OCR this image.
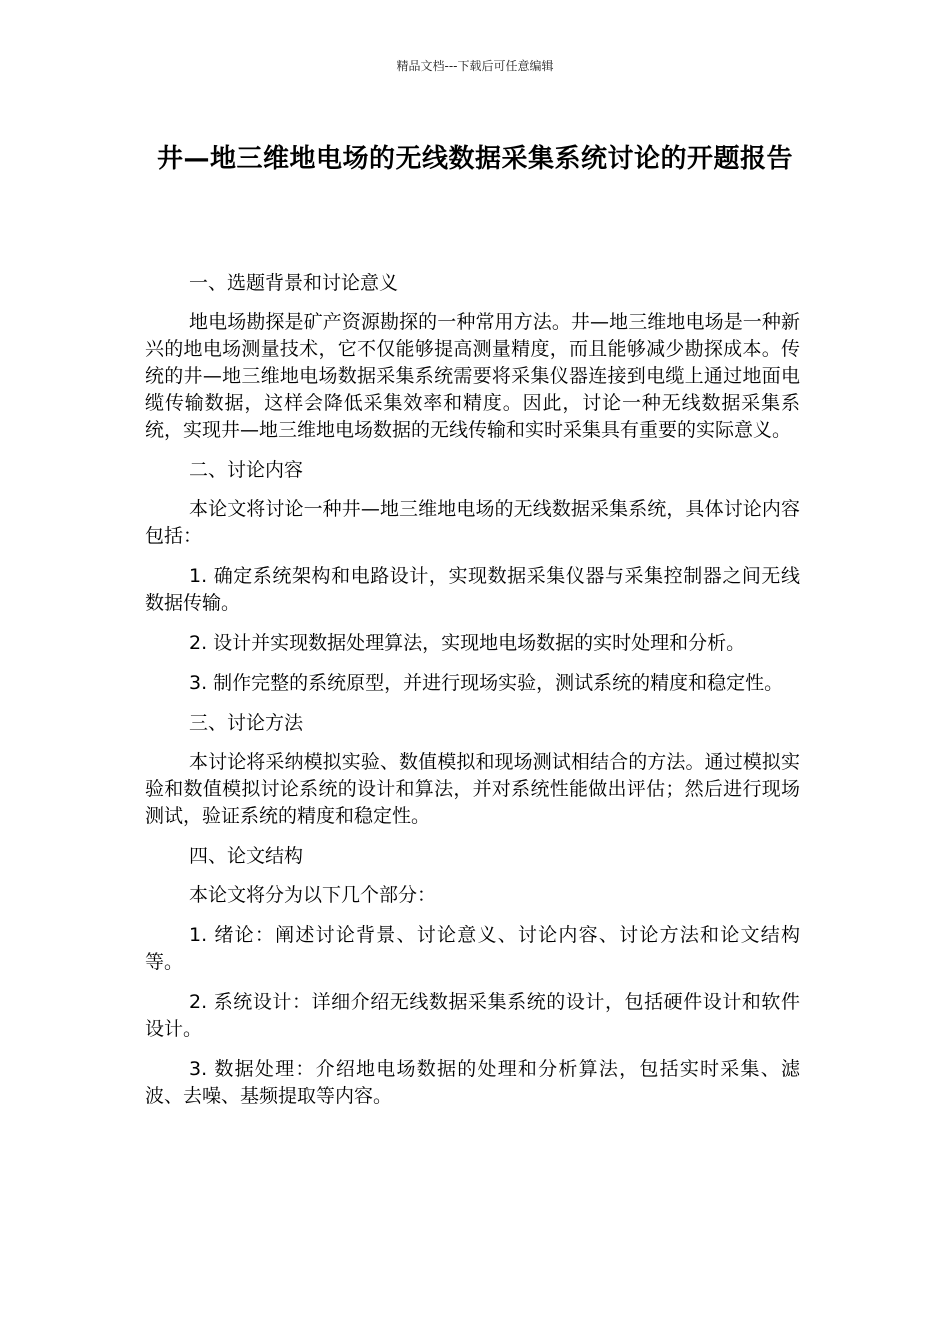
精品文档---下载后可任意编辑
井—地三维地电场的无线数据采集系统讨论的开题报告

一、选题背景和讨论意义

地电场勘探是矿产资源勘探的一种常用方法。井—地三维地电场是一种新兴的地电场测量技术，它不仅能够提高测量精度，而且能够减少勘探成本。传统的井—地三维地电场数据采集系统需要将采集仪器连接到电缆上通过地面电缆传输数据，这样会降低采集效率和精度。因此，讨论一种无线数据采集系统，实现井—地三维地电场数据的无线传输和实时采集具有重要的实际意义。

二、讨论内容

本论文将讨论一种井—地三维地电场的无线数据采集系统，具体讨论内容包括：

1. 确定系统架构和电路设计，实现数据采集仪器与采集控制器之间无线数据传输。

2. 设计并实现数据处理算法，实现地电场数据的实时处理和分析。

3. 制作完整的系统原型，并进行现场实验，测试系统的精度和稳定性。

三、讨论方法

本讨论将采纳模拟实验、数值模拟和现场测试相结合的方法。通过模拟实验和数值模拟讨论系统的设计和算法，并对系统性能做出评估；然后进行现场测试，验证系统的精度和稳定性。

四、论文结构

本论文将分为以下几个部分：

1. 绪论：阐述讨论背景、讨论意义、讨论内容、讨论方法和论文结构等。

2. 系统设计：详细介绍无线数据采集系统的设计，包括硬件设计和软件设计。

3. 数据处理：介绍地电场数据的处理和分析算法，包括实时采集、滤波、去噪、基频提取等内容。
